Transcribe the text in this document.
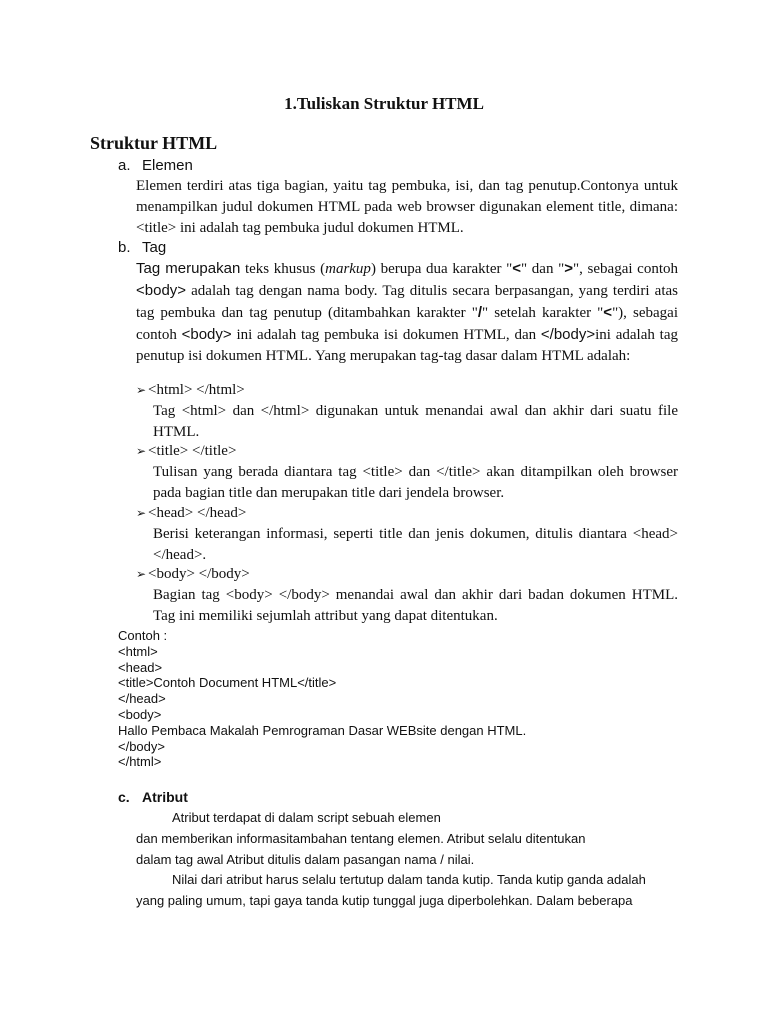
1.Tuliskan Struktur HTML
Struktur HTML
a. Elemen

Elemen terdiri atas tiga bagian, yaitu tag pembuka, isi, dan tag penutup.Contonya untuk menampilkan judul dokumen HTML pada web browser digunakan element title, dimana: <title> ini adalah tag pembuka judul dokumen HTML.

b. Tag

Tag merupakan teks khusus (markup) berupa dua karakter "<" dan ">", sebagai contoh <body> adalah tag dengan nama body. Tag ditulis secara berpasangan, yang terdiri atas tag pembuka dan tag penutup (ditambahkan karakter "/" setelah karakter "<"), sebagai contoh <body> ini adalah tag pembuka isi dokumen HTML, dan </body>ini adalah tag penutup isi dokumen HTML. Yang merupakan tag-tag dasar dalam HTML adalah:

➢ <html> </html>

Tag <html> dan </html> digunakan untuk menandai awal dan akhir dari suatu file HTML.

➢ <title> </title>

Tulisan yang berada diantara tag <title> dan </title> akan ditampilkan oleh browser pada bagian title dan merupakan title dari jendela browser.

➢ <head> </head>

Berisi keterangan informasi, seperti title dan jenis dokumen, ditulis diantara <head> </head>.

➢ <body> </body>

Bagian tag <body> </body> menandai awal dan akhir dari badan dokumen HTML. Tag ini memiliki sejumlah attribut yang dapat ditentukan.

Contoh :
<html>
<head>
<title>Contoh Document HTML</title>
</head>
<body>
Hallo Pembaca Makalah Pemrograman Dasar WEBsite dengan HTML.
</body>
</html>
c. Atribut
Atribut terdapat di dalam script sebuah elemen
dan memberikan informasitambahan tentang elemen. Atribut selalu ditentukan
dalam tag awal Atribut ditulis dalam pasangan nama / nilai.
Nilai dari atribut harus selalu tertutup dalam tanda kutip. Tanda kutip ganda adalah
yang paling umum, tapi gaya tanda kutip tunggal juga diperbolehkan. Dalam beberapa
